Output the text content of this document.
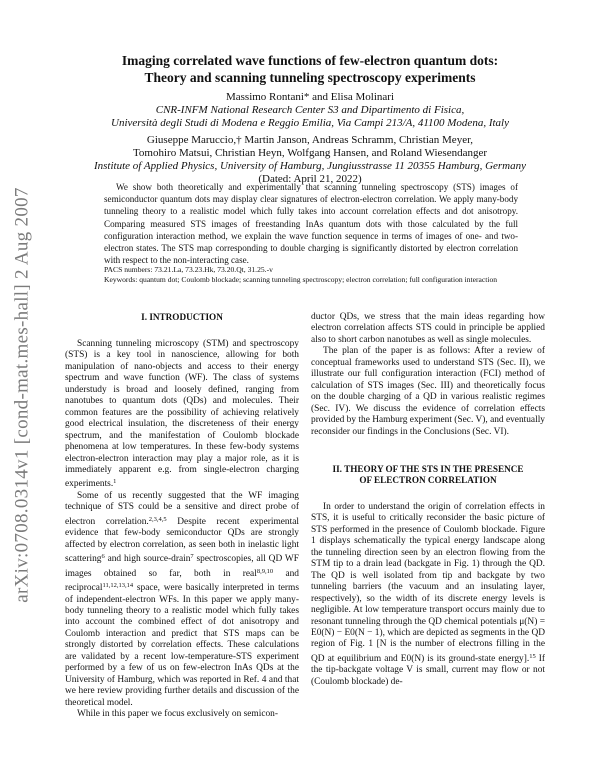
arXiv:0708.0314v1 [cond-mat.mes-hall] 2 Aug 2007
Imaging correlated wave functions of few-electron quantum dots:
Theory and scanning tunneling spectroscopy experiments
Massimo Rontani* and Elisa Molinari
CNR-INFM National Research Center S3 and Dipartimento di Fisica,
Università degli Studi di Modena e Reggio Emilia, Via Campi 213/A, 41100 Modena, Italy
Giuseppe Maruccio,† Martin Janson, Andreas Schramm, Christian Meyer,
Tomohiro Matsui, Christian Heyn, Wolfgang Hansen, and Roland Wiesendanger
Institute of Applied Physics, University of Hamburg, Jungiusstrasse 11 20355 Hamburg, Germany
(Dated: April 21, 2022)

We show both theoretically and experimentally that scanning tunneling spectroscopy (STS) images of semiconductor quantum dots may display clear signatures of electron-electron correlation. We apply many-body tunneling theory to a realistic model which fully takes into account correlation effects and dot anisotropy. Comparing measured STS images of freestanding InAs quantum dots with those calculated by the full configuration interaction method, we explain the wave function sequence in terms of images of one- and two-electron states. The STS map corresponding to double charging is significantly distorted by electron correlation with respect to the non-interacting case.

PACS numbers: 73.21.La, 73.23.Hk, 73.20.Qt, 31.25.-v
Keywords: quantum dot; Coulomb blockade; scanning tunneling spectroscopy; electron correlation; full configuration interaction
I. INTRODUCTION

Scanning tunneling microscopy (STM) and spectroscopy (STS) is a key tool in nanoscience, allowing for both manipulation of nano-objects and access to their energy spectrum and wave function (WF). The class of systems understudy is broad and loosely defined, ranging from nanotubes to quantum dots (QDs) and molecules. Their common features are the possibility of achieving relatively good electrical insulation, the discreteness of their energy spectrum, and the manifestation of Coulomb blockade phenomena at low temperatures. In these few-body systems electron-electron interaction may play a major role, as it is immediately apparent e.g. from single-electron charging experiments.$^1$

Some of us recently suggested that the WF imaging technique of STS could be a sensitive and direct probe of electron correlation.$^{2,3,4,5}$ Despite recent experimental evidence that few-body semiconductor QDs are strongly affected by electron correlation, as seen both in inelastic light scattering$^6$ and high source-drain$^7$ spectroscopies, all QD WF images obtained so far, both in real$^{8,9,10}$ and reciprocal$^{11,12,13,14}$ space, were basically interpreted in terms of independent-electron WFs. In this paper we apply many-body tunneling theory to a realistic model which fully takes into account the combined effect of dot anisotropy and Coulomb interaction and predict that STS maps can be strongly distorted by correlation effects. These calculations are validated by a recent low-temperature-STS experiment performed by a few of us on few-electron InAs QDs at the University of Hamburg, which was reported in Ref. 4 and that we here review providing further details and discussion of the theoretical model.

While in this paper we focus exclusively on semicon-

ductor QDs, we stress that the main ideas regarding how electron correlation affects STS could in principle be applied also to short carbon nanotubes as well as single molecules.

The plan of the paper is as follows: After a review of conceptual frameworks used to understand STS (Sec. II), we illustrate our full configuration interaction (FCI) method of calculation of STS images (Sec. III) and theoretically focus on the double charging of a QD in various realistic regimes (Sec. IV). We discuss the evidence of correlation effects provided by the Hamburg experiment (Sec. V), and eventually reconsider our findings in the Conclusions (Sec. VI).

II. THEORY OF THE STS IN THE PRESENCE
OF ELECTRON CORRELATION

In order to understand the origin of correlation effects in STS, it is useful to critically reconsider the basic picture of STS performed in the presence of Coulomb blockade. Figure 1 displays schematically the typical energy landscape along the tunneling direction seen by an electron flowing from the STM tip to a drain lead (backgate in Fig. 1) through the QD. The QD is well isolated from tip and backgate by two tunneling barriers (the vacuum and an insulating layer, respectively), so the width of its discrete energy levels is negligible. At low temperature transport occurs mainly due to resonant tunneling through the QD chemical potentials μ(N) = E0(N) − E0(N − 1), which are depicted as segments in the QD region of Fig. 1 [N is the number of electrons filling in the QD at equilibrium and E0(N) is its ground-state energy].$^{15}$ If the tip-backgate voltage V is small, current may flow or not (Coulomb blockade) de-
